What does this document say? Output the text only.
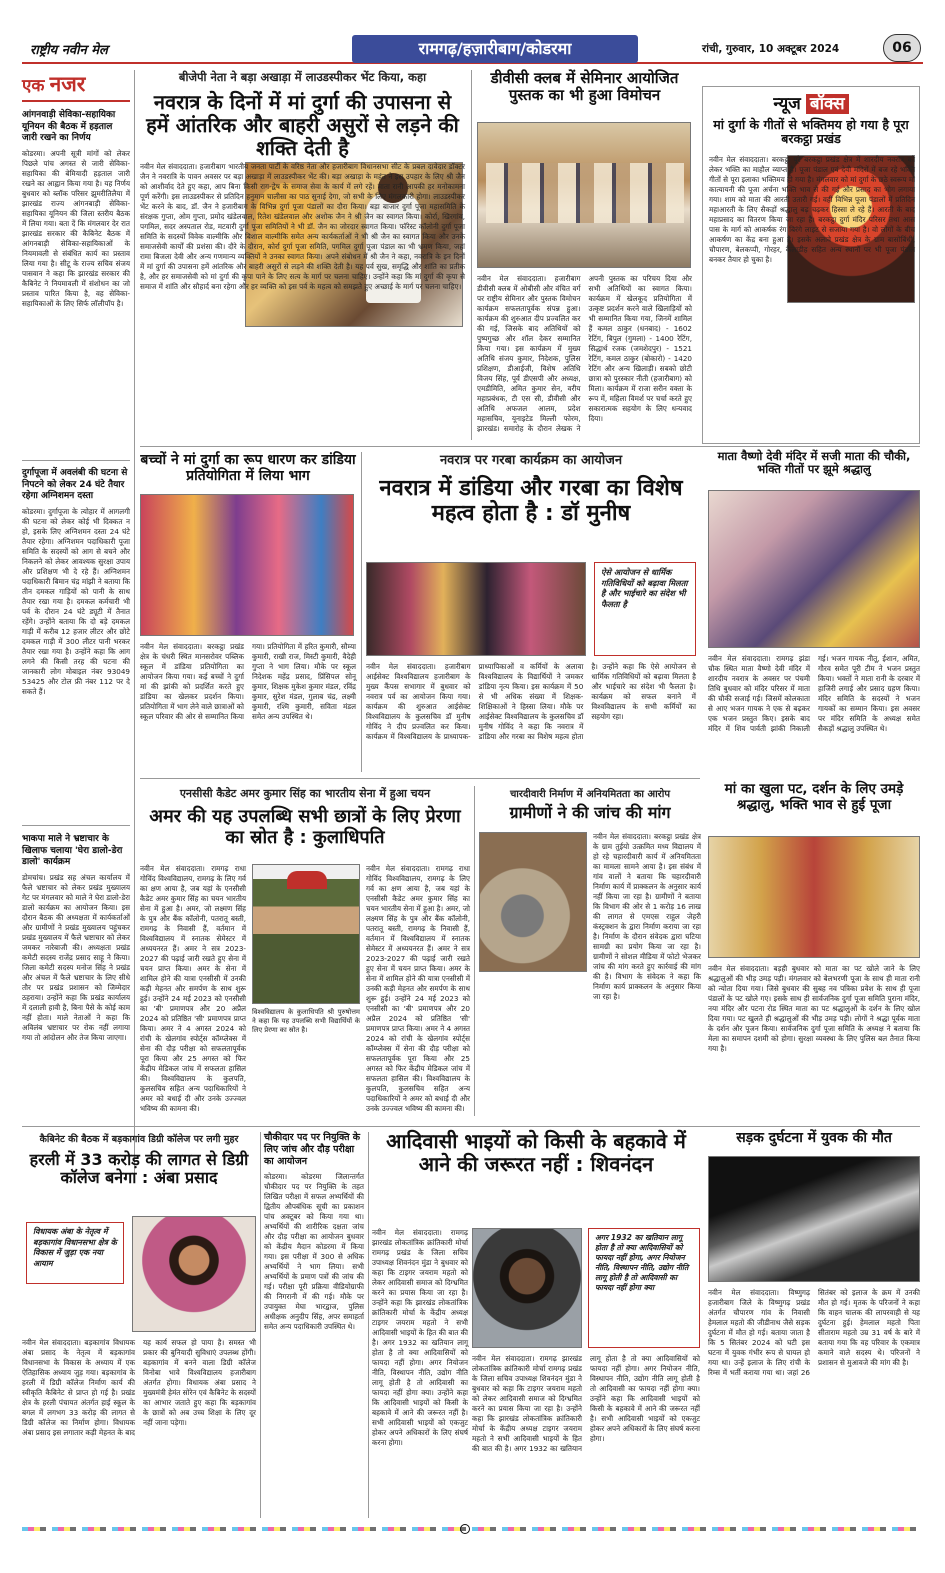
राष्ट्रीय नवीन मेल	रामगढ़/हज़ारीबाग/कोडरमा	रांची, गुरुवार, 10 अक्टूबर 2024	06
एक नजर
आंगनवाड़ी सेविका-सहायिका यूनियन की बैठक में हड़ताल जारी रखने का निर्णय
कोडरमा। अपनी सूत्री मांगों को लेकर पिछले पांच अगस्त से जारी सेविका-सहायिका की बेमियादी हड़ताल जारी रखने का आह्वान किया गया है। यह निर्णय बुधवार को ब्लॉक परिसर झुमरीतिलैया में झारखंड राज्य आंगनबाड़ी सेविका-सहायिका यूनियन की जिला स्तरीय बैठक में लिया गया। बता दें कि मंगलवार देर रात झारखंड सरकार की कैबिनेट बैठक में आंगनबाड़ी सेविका-सहायिकाओं के नियमावली से संबंधित कार्य का प्रस्ताव लिया गया है। सीटू के राज्य सचिव संजय पासवान ने कहा कि झारखंड सरकार की कैबिनेट ने नियमावली में संशोधन का जो प्रस्ताव पारित किया है, वह सेविका-सहायिकाओं के लिए सिर्फ लॉलीपॉप है।
दुर्गापूजा में अवलंबी की घटना से निपटने को लेकर 24 घंटे तैयार रहेगा अग्निशमन दस्ता
कोडरमा। दुर्गापूजा के त्योहार में आगलगी की घटना को लेकर कोई भी दिक्कत न हो, इसके लिए अग्निशमन दस्ता 24 घंटे तैयार रहेगा। अग्निशमन पदाधिकारी पूजा समिति के सदस्यों को आग से बचने और निकलने को लेकर आवश्यक सुरक्षा उपाय और प्रशिक्षण भी दे रहे हैं। अग्निशमन पदाधिकारी बिमान चंद्र मांझी ने बताया कि तीन दमकल गाड़ियों को पानी के साथ तैयार रखा गया है। दमकल कर्मचारी भी पर्व के दौरान 24 घंटे ड्यूटी में तैनात रहेंगे। उन्होंने बताया कि दो बड़े दमकल गाड़ी में करीब 12 हजार लीटर और छोटे दमकल गाड़ी में 300 लीटर पानी भरकर तैयार रखा गया है। उन्होंने कहा कि आग लगने की किसी तरह की घटना की जानकारी लोग मोबाइल नंबर 93049 53425 और टोल फ्री नंबर 112 पर दे सकते हैं।
भाकपा माले ने भ्रष्टाचार के खिलाफ चलाया 'घेरा डालो-डेरा डालो' कार्यक्रम
डोमचांच। प्रखंड सह अंचल कार्यालय में फैले भ्रष्टाचार को लेकर प्रखंड मुख्यालय गेट पर मंगलवार को माले ने घेरा डालो-डेरा डालो कार्यक्रम का आयोजन किया। इस दौरान बैठक की अध्यक्षता में कार्यकर्ताओं और ग्रामीणों ने प्रखंड मुख्यालय पहुंचकर प्रखंड मुख्यालय में फैले भ्रष्टाचार को लेकर जमकर नारेबाजी की। अध्यक्षता प्रखंड कमेटी सदस्य राजेंद्र प्रसाद साहू ने किया। जिला कमेटी सदस्य मनोज सिंह ने प्रखंड और अंचल में फैले भ्रष्टाचार के लिए सीधे तौर पर प्रखंड प्रशासन को जिम्मेदार ठहराया। उन्होंने कहा कि प्रखंड कार्यालय में दलाली हावी है, बिना पैसे के कोई काम नहीं होता। माले नेताओं ने कहा कि अविलंब भ्रष्टाचार पर रोक नहीं लगाया गया तो आंदोलन और तेज किया जाएगा।
बीजेपी नेता ने बड़ा अखाड़ा में लाउडस्पीकर भेंट किया, कहा
नवरात्र के दिनों में मां दुर्गा की उपासना से हमें आंतरिक और बाहरी असुरों से लड़ने की शक्ति देती है
नवीन मेल संवाददाता। हजारीबाग भारतीय जनता पार्टी के वरिष्ठ नेता और हजारीबाग विधानसभा सीट के प्रबल दावेदार डॉक्टर जैन ने नवरात्रि के पावन अवसर पर बड़ा अखाड़ा में लाउडस्पीकर भेंट की। बड़ा अखाड़ा के महंत ने इस उपहार के लिए श्री जैन को आशीर्वाद देते हुए कहा, आप बिना किसी राग-द्वेष के समाज सेवा के कार्य में लगे रहें। माता रानी आपकी हर मनोकामना पूर्ण करेंगी। इस लाउडस्पीकर से प्रतिदिन हनुमान चालीसा का पाठ सुनाई देगा, जो सभी के लिए मंगलकारी होगा। लाउडस्पीकर भेंट करने के बाद, डॉ. जैन ने हजारीबाग के विभिन्न दुर्गा पूजा पंडालों का दौरा किया। बड़ा बाजार दुर्गा पूजा महासमिति के संरक्षक गुप्ता, ओम गुप्ता, प्रमोद खंडेलवाल, रितेश खंडेलवाल और अशोक जैन ने श्री जैन का स्वागत किया। कोर्रा, खिरगांव, पगमिल, सदर अस्पताल रोड, मटवारी दुर्गा पूजा समितियों ने भी डॉ. जैन का जोरदार स्वागत किया। फॉरेस्ट कॉलोनी दुर्गा पूजा समिति के सदस्यों विवेक वाल्मीकि और बिशाल वाल्मीकि समेत अन्य कार्यकर्ताओं ने भी श्री जैन का स्वागत किया और उनके समाजसेवी कार्यों की प्रशंसा की। दौरे के दौरान, कोर्रा दुर्गा पूजा समिति, पगमिल दुर्गा पूजा पंडाल का भी भ्रमण किया, जहां रामा बिजला देवी और अन्य गणमान्य व्यक्तियों ने उनका स्वागत किया। अपने संबोधन में श्री जैन ने कहा, नवरात्रि के इन दिनों में मां दुर्गा की उपासना हमें आंतरिक और बाहरी असुरों से लड़ने की शक्ति देती है। यह पर्व सुख, समृद्धि और शांति का प्रतीक है, और हर समाजसेवी को मां दुर्गा की कृपा पाने के लिए सत्य के मार्ग पर चलना चाहिए। उन्होंने कहा कि मां दुर्गा की कृपा से समाज में शांति और सौहार्द बना रहेगा और हर व्यक्ति को इस पर्व के महत्व को समझते हुए अच्छाई के मार्ग पर चलना चाहिए।
डीवीसी क्लब में सेमिनार आयोजित पुस्तक का भी हुआ विमोचन
नवीन मेल संवाददाता। हजारीबाग डीवीसी क्लब में ओबीसी और वंचित वर्ग पर राष्ट्रीय सेमिनार और पुस्तक विमोचन कार्यक्रम सफलतापूर्वक संपन्न हुआ। कार्यक्रम की शुरुआत दीप प्रज्वलित कर की गई, जिसके बाद अतिथियों को पुष्पगुच्छ और शॉल देकर सम्मानित किया गया। इस कार्यक्रम में मुख्य अतिथि संजय कुमार, निदेशक, पुलिस प्रशिक्षण, डीआईजी, विशेष अतिथि विजय सिंह, पूर्व डीएसपी और अध्यक्ष, एमडीमिति, अमित कुमार सेन, वरीय महाप्रबंधक, टी एस सी, डीवीसी और अतिथि अफजल आलम, प्रदेश महासचिव, यूनाइटेड मिल्ली फोरम, झारखंड। समारोह के दौरान लेखक ने अपनी पुस्तक का परिचय दिया और सभी अतिथियों का स्वागत किया। कार्यक्रम में खेलकूद प्रतियोगिता में उत्कृष्ट प्रदर्शन करने वाले खिलाड़ियों को भी सम्मानित किया गया, जिनमें शामिल हैं कमल ठाकुर (धनबाद) - 1602 रेटिंग, बिपुल (गुमला) - 1400 रेटिंग, सिद्धार्थ रजक (जमशेदपुर) - 1521 रेटिंग, कमल ठाकुर (बोकारो) - 1420 रेटिंग और अन्य खिलाड़ी। सबको छोटी छात्रा को पुरस्कार नीती (हजारीबाग) को मिला। कार्यक्रम में राजा सरीन वक्ता के रूप में, महिला विमर्श पर चर्चा करते हुए सकारात्मक सहयोग के लिए धन्यवाद दिया।
न्यूज बॉक्स
मां दुर्गा के गीतों से भक्तिमय हो गया है पूरा बरकट्ठा प्रखंड
नवीन मेल संवाददाता। बरकट्ठा पूरे बरकट्ठा प्रखंड क्षेत्र में शारदीय नवरात्र को लेकर भक्ति का माहौल व्याप्त है। पूजा पंडाल एवं देवी मंदिरों में बज रहे भक्ति गीतों से पूरा इलाका भक्तिमय हो गया है। मंगलवार को मां दुर्गा के छठे स्वरूप मां कात्यायनी की पूजा अर्चना भक्ति भाव से की गई और प्रसाद का भोग लगाया गया। शाम को माता की आरती उतारी गई। वहीं विभिन्न पूजा पंडालों में प्रतिदिन महाआरती के लिए सैकड़ों श्रद्धालु बढ़ चढ़कर हिस्सा ले रहे हैं। आरती के बाद महाप्रसाद का वितरण किया जा रहा है। बरकट्ठा दुर्गा मंदिर परिसर तथा आस पास के मार्ग को आकर्षक रंग बिरंगे लाइट से सजाया गया है। वो लोगों के बीच आकर्षण का केंद्र बना हुआ है। इसके अलावे प्रखंड क्षेत्र के ग्राम बासोबिंधी, चौपारण, बेलकप्पी, गोरहर, कैलाडीह सहित अन्य स्थानों पर भी पूजा पंडाल बनकर तैयार हो चुका है।
बच्चों ने मां दुर्गा का रूप धारण कर डांडिया प्रतियोगिता में लिया भाग
नवीन मेल संवाददाता। बरकट्ठा प्रखंड क्षेत्र के चंधरी स्थित मानसरोवर पब्लिक स्कूल में डांडिया प्रतियोगिता का आयोजन किया गया। कई बच्चों ने दुर्गा मां की झांकी को प्रदर्शित करते हुए डांडिया का खेलकर प्रदर्शन किया। प्रतियोगिता में भाग लेने वाले छात्राओं को स्कूल परिवार की ओर से सम्मानित किया गया। प्रतियोगिता में हरित कुमारी, सौम्या कुमारी, राखी राज, मिस्टी कुमारी, वैदेही गुप्ता ने भाग लिया। मौके पर स्कूल निदेशक महेंद्र प्रसाद, प्रिंसिपल सोनू कुमार, शिक्षक मुकेश कुमार मंडल, रविंद्र कुमार, सुरेश मंडल, गुलाब चंद्र, लक्ष्मी कुमारी, रश्मि कुमारी, सविता मंडल समेत अन्य उपस्थित थे।
नवरात्र पर गरबा कार्यक्रम का आयोजन
नवरात्र में डांडिया और गरबा का विशेष महत्व होता है : डॉ मुनीष
ऐसे आयोजन से धार्मिक गतिविधियों को बढ़ावा मिलता है और भाईचारे का संदेश भी फैलता है
नवीन मेल संवाददाता। हजारीबाग आईसेक्ट विश्वविद्यालय हजारीबाग के मुख्य कैंपस सभागार में बुधवार को नवरात्र पर्व का आयोजन किया गया। कार्यक्रम की शुरुआत आईसेक्ट विश्वविद्यालय के कुलसचिव डॉ मुनीष गोविंद ने दीप प्रज्वलित कर किया। कार्यक्रम में विश्वविद्यालय के प्राध्यापक-प्राध्यापिकाओं व कर्मियों के अलावा विश्वविद्यालय के विद्यार्थियों ने जमकर डांडिया नृत्य किया। इस कार्यक्रम में 50 से भी अधिक संख्या में शिक्षक-शिक्षिकाओं ने हिस्सा लिया। मौके पर आईसेक्ट विश्वविद्यालय के कुलसचिव डॉ मुनीष गोविंद ने कहा कि नवरात्र में डांडिया और गरबा का विशेष महत्व होता है। उन्होंने कहा कि ऐसे आयोजन से धार्मिक गतिविधियों को बढ़ावा मिलता है और भाईचारे का संदेश भी फैलता है। कार्यक्रम को सफल बनाने में विश्वविद्यालय के सभी कर्मियों का सहयोग रहा।
माता वैष्णो देवी मंदिर में सजी माता की चौकी, भक्ति गीतों पर झूमे श्रद्धालु
नवीन मेल संवाददाता। रामगढ़ झंडा चौक स्थित माता वैष्णो देवी मंदिर में शारदीय नवरात्र के अवसर पर पंचमी तिथि बुधवार को मंदिर परिसर में माता की चौकी सजाई गई। जिसमें कोलकाता से आए भजन गायक ने एक से बढ़कर एक भजन प्रस्तुत किए। इसके बाद मंदिर में शिव पार्वती झांकी निकाली गई। भजन गायक नीतू, ईशान, अमित, गौरव समेत पूरी टीम ने भजन प्रस्तुत किया। भक्तों ने माता रानी के दरबार में हाजिरी लगाई और प्रसाद ग्रहण किया। मंदिर समिति के सदस्यों ने भजन गायकों का सम्मान किया। इस अवसर पर मंदिर समिति के अध्यक्ष समेत सैकड़ों श्रद्धालु उपस्थित थे।
एनसीसी कैडेट अमर कुमार सिंह का भारतीय सेना में हुआ चयन
अमर की यह उपलब्धि सभी छात्रों के लिए प्रेरणा का स्रोत है : कुलाधिपति
विश्वविद्यालय के कुलाधिपति श्री पुरुषोत्तम ने कहा कि यह उपलब्धि सभी विद्यार्थियों के लिए प्रेरणा का स्रोत है।
नवीन मेल संवाददाता। रामगढ़ राधा गोविंद विश्वविद्यालय, रामगढ़ के लिए गर्व का क्षण आया है, जब यहां के एनसीसी कैडेट अमर कुमार सिंह का चयन भारतीय सेना में हुआ है। अमर, जो लक्ष्मण सिंह के पुत्र और बैंक कॉलोनी, पतरातू बस्ती, रामगढ़ के निवासी हैं, वर्तमान में विश्वविद्यालय में स्नातक सेमेस्टर में अध्ययनरत हैं। अमर ने सत्र 2023-2027 की पढ़ाई जारी रखते हुए सेना में चयन प्राप्त किया। अमर के सेना में शामिल होने की यात्रा एनसीसी में उनकी कड़ी मेहनत और समर्पण के साथ शुरू हुई। उन्होंने 24 मई 2023 को एनसीसी का 'बी' प्रमाणपत्र और 20 अप्रैल 2024 को प्रतिष्ठित 'सी' प्रमाणपत्र प्राप्त किया। अमर ने 4 अगस्त 2024 को रांची के खेलगांव स्पोर्ट्स कॉम्प्लेक्स में सेना की दौड़ परीक्षा को सफलतापूर्वक पूरा किया और 25 अगस्त को फिर केंद्रीय मेडिकल जांच में सफलता हासिल की। विश्वविद्यालय के कुलपति, कुलसचिव सहित अन्य पदाधिकारियों ने अमर को बधाई दी और उनके उज्ज्वल भविष्य की कामना की।
नवीन मेल संवाददाता। रामगढ़ राधा गोविंद विश्वविद्यालय, रामगढ़ के लिए गर्व का क्षण आया है, जब यहां के एनसीसी कैडेट अमर कुमार सिंह का चयन भारतीय सेना में हुआ है। अमर, जो लक्ष्मण सिंह के पुत्र और बैंक कॉलोनी, पतरातू बस्ती, रामगढ़ के निवासी हैं, वर्तमान में विश्वविद्यालय में स्नातक सेमेस्टर में अध्ययनरत हैं। अमर ने सत्र 2023-2027 की पढ़ाई जारी रखते हुए सेना में चयन प्राप्त किया। अमर के सेना में शामिल होने की यात्रा एनसीसी में उनकी कड़ी मेहनत और समर्पण के साथ शुरू हुई। उन्होंने 24 मई 2023 को एनसीसी का 'बी' प्रमाणपत्र और 20 अप्रैल 2024 को प्रतिष्ठित 'सी' प्रमाणपत्र प्राप्त किया। अमर ने 4 अगस्त 2024 को रांची के खेलगांव स्पोर्ट्स कॉम्प्लेक्स में सेना की दौड़ परीक्षा को सफलतापूर्वक पूरा किया और 25 अगस्त को फिर केंद्रीय मेडिकल जांच में सफलता हासिल की। विश्वविद्यालय के कुलपति, कुलसचिव सहित अन्य पदाधिकारियों ने अमर को बधाई दी और उनके उज्ज्वल भविष्य की कामना की।
चारदीवारी निर्माण में अनियमितता का आरोप
ग्रामीणों ने की जांच की मांग
नवीन मेल संवाददाता। बरकट्ठा प्रखंड क्षेत्र के ग्राम तुईयो उत्क्रमित मध्य विद्यालय में हो रहे चहारदीवारी कार्य में अनियमितता का मामला सामने आया है। इस संबंध में गांव वालों ने बताया कि चहारदीवारी निर्माण कार्य में प्राक्कलन के अनुसार कार्य नहीं किया जा रहा है। ग्रामीणों ने बताया कि विभाग की ओर से 1 करोड़ 16 लाख की लागत से एमएस राहुल जेहरी कंस्ट्रक्शन के द्वारा निर्माण कराया जा रहा है। निर्माण के दौरान संवेदक द्वारा घटिया सामग्री का प्रयोग किया जा रहा है। ग्रामीणों ने सोशल मीडिया में फोटो भेजकर जांच की मांग करते हुए कार्रवाई की मांग की है। विभाग के संवेदक ने कहा कि निर्माण कार्य प्राक्कलन के अनुसार किया जा रहा है।
मां का खुला पट, दर्शन के लिए उमड़े श्रद्धालु, भक्ति भाव से हुई पूजा
नवीन मेल संवाददाता। बड़ही बुधवार को माता का पट खोले जाने के लिए श्रद्धालुओं की भीड़ उमड़ पड़ी। मंगलवार को बेलभरणी पूजा के साथ ही माता रानी को न्योता दिया गया। जिसे बुधवार की सुबह नव पत्रिका प्रवेश के साथ ही पूजा पंडालों के पट खोले गए। इसके साथ ही सार्वजनिक दुर्गा पूजा समिति पुराना मंदिर, नया मंदिर और पटना रोड स्थित माता का पट श्रद्धालुओं के दर्शन के लिए खोल दिया गया। पट खुलते ही श्रद्धालुओं की भीड़ उमड़ पड़ी। लोगों ने श्रद्धा पूर्वक माता के दर्शन और पूजन किया। सार्वजनिक दुर्गा पूजा समिति के अध्यक्ष ने बताया कि मेला का समापन दशमी को होगा। सुरक्षा व्यवस्था के लिए पुलिस बल तैनात किया गया है।
कैबिनेट की बैठक में बड़कागांव डिग्री कॉलेज पर लगी मुहर
हरली में 33 करोड़ की लागत से डिग्री कॉलेज बनेगा : अंबा प्रसाद
विधायक अंबा के नेतृत्व में बड़कागांव विधानसभा क्षेत्र के विकास में जुड़ा एक नया आयाम
नवीन मेल संवाददाता। बड़कागांव विधायक अंबा प्रसाद के नेतृत्व में बड़कागांव विधानसभा के विकास के अध्याय में एक ऐतिहासिक अध्याय जुड़ गया। बड़कागांव के हरली में डिग्री कॉलेज निर्माण कार्य की स्वीकृति कैबिनेट से प्राप्त हो गई है। प्रखंड क्षेत्र के हरली पंचायत अंतर्गत हाई स्कूल के बगल में लगभग 33 करोड़ की लागत से डिग्री कॉलेज का निर्माण होगा। विधायक अंबा प्रसाद इस लगातार कड़ी मेहनत के बाद यह कार्य सफल हो पाया है। समस्त भी प्रकार की बुनियादी सुविधाएं उपलब्ध होंगी। बड़कागांव में बनने वाला डिग्री कॉलेज विनोबा भावे विश्वविद्यालय हजारीबाग अंतर्गत होगा। विधायक अंबा प्रसाद ने मुख्यमंत्री हेमंत सोरेन एवं कैबिनेट के सदस्यों का आभार जताते हुए कहा कि बड़कागांव के छात्रों को अब उच्च शिक्षा के लिए दूर नहीं जाना पड़ेगा।
चौकीदार पद पर नियुक्ति के लिए जांच और दौड़ परीक्षा का आयोजन
कोडरमा। कोडरमा जिलान्तर्गत चौकीदार पद पर नियुक्ति के तहत लिखित परीक्षा में सफल अभ्यर्थियों की द्वितीय औपबंधिक सूची का प्रकाशन पांच अक्टूबर को किया गया था। अभ्यर्थियों की शारीरिक दक्षता जांच और दौड़ परीक्षा का आयोजन बुधवार को केंद्रीय मैदान कोडरमा में किया गया। इस परीक्षा में 300 से अधिक अभ्यर्थियों ने भाग लिया। सभी अभ्यर्थियों के प्रमाण पत्रों की जांच की गई। परीक्षा पूरी प्रक्रिया वीडियोग्राफी की निगरानी में की गई। मौके पर उपायुक्त मेघा भारद्वाज, पुलिस अधीक्षक अनुदीप सिंह, अपर समाहर्ता समेत अन्य पदाधिकारी उपस्थित थे।
आदिवासी भाइयों को किसी के बहकावे में आने की जरूरत नहीं : शिवनंदन
अगर 1932 का खतियान लागू होता है तो क्या आदिवासियों को फायदा नहीं होगा, अगर नियोजन नीति, विस्थापन नीति, उद्योग नीति लागू होती है तो आदिवासी का फायदा नहीं होगा क्या
नवीन मेल संवाददाता। रामगढ़ झारखंड लोकतांत्रिक क्रांतिकारी मोर्चा रामगढ़ प्रखंड के जिला सचिव उपाध्यक्ष शिवनंदन मुंडा ने बुधवार को कहा कि टाइगर जयराम महतो को लेकर आदिवासी समाज को दिग्भ्रमित करने का प्रयास किया जा रहा है। उन्होंने कहा कि झारखंड लोकतांत्रिक क्रांतिकारी मोर्चा के केंद्रीय अध्यक्ष टाइगर जयराम महतो ने सभी आदिवासी भाइयों के हित की बात की है। अगर 1932 का खतियान लागू होता है तो क्या आदिवासियों को फायदा नहीं होगा। अगर नियोजन नीति, विस्थापन नीति, उद्योग नीति लागू होती है तो आदिवासी का फायदा नहीं होगा क्या। उन्होंने कहा कि आदिवासी भाइयों को किसी के बहकावे में आने की जरूरत नहीं है। सभी आदिवासी भाइयों को एकजुट होकर अपने अधिकारों के लिए संघर्ष करना होगा।
नवीन मेल संवाददाता। रामगढ़ झारखंड लोकतांत्रिक क्रांतिकारी मोर्चा रामगढ़ प्रखंड के जिला सचिव उपाध्यक्ष शिवनंदन मुंडा ने बुधवार को कहा कि टाइगर जयराम महतो को लेकर आदिवासी समाज को दिग्भ्रमित करने का प्रयास किया जा रहा है। उन्होंने कहा कि झारखंड लोकतांत्रिक क्रांतिकारी मोर्चा के केंद्रीय अध्यक्ष टाइगर जयराम महतो ने सभी आदिवासी भाइयों के हित की बात की है। अगर 1932 का खतियान लागू होता है तो क्या आदिवासियों को फायदा नहीं होगा। अगर नियोजन नीति, विस्थापन नीति, उद्योग नीति लागू होती है तो आदिवासी का फायदा नहीं होगा क्या। उन्होंने कहा कि आदिवासी भाइयों को किसी के बहकावे में आने की जरूरत नहीं है। सभी आदिवासी भाइयों को एकजुट होकर अपने अधिकारों के लिए संघर्ष करना होगा।
सड़क दुर्घटना में युवक की मौत
नवीन मेल संवाददाता। विष्णुगढ़ हजारीबाग जिले के विष्णुगढ़ प्रखंड अंतर्गत चौपारण गांव के निवासी हेमलाल महतो की जीडीनाथ जैसे सड़क दुर्घटना में मौत हो गई। बताया जाता है कि 5 सितंबर 2024 को घटी इस घटना में युवक गंभीर रूप से घायल हो गया था। उन्हें इलाज के लिए रांची के रिम्स में भर्ती कराया गया था। जहां 26 सितंबर को इलाज के क्रम में उनकी मौत हो गई। मृतक के परिजनों ने कहा कि वाहन चालक की लापरवाही से यह दुर्घटना हुई। हेमलाल महतो पिता सीताराम महतो उम्र 31 वर्ष के बारे में बताया गया कि वह परिवार के एकमात्र कमाने वाले सदस्य थे। परिजनों ने प्रशासन से मुआवजे की मांग की है।
